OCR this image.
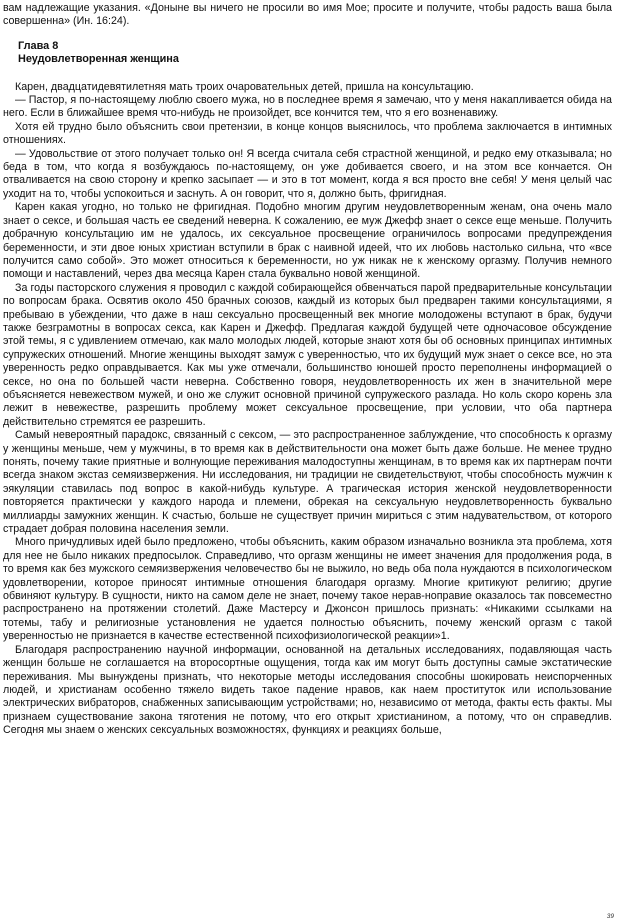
вам надлежащие указания. «Доныне вы ничего не просили во имя Мое; просите и получите, чтобы радость ваша была совершенна» (Ин. 16:24).

Глава 8
Неудовлетворенная женщина

Карен, двадцатидевятилетняя мать троих очаровательных детей, пришла на консультацию.

— Пастор, я по-настоящему люблю своего мужа, но в последнее время я замечаю, что у меня накапливается обида на него. Если в ближайшее время что-нибудь не произойдет, все кончится тем, что я его возненавижу.

Хотя ей трудно было объяснить свои претензии, в конце концов выяснилось, что проблема заключается в интимных отношениях.

— Удовольствие от этого получает только он! Я всегда считала себя страстной женщиной, и редко ему отказывала; но беда в том, что когда я возбуждаюсь по-настоящему, он уже добивается своего, и на этом все кончается. Он отваливается на свою сторону и крепко засыпает — и это в тот момент, когда я вся просто вне себя! У меня целый час уходит на то, чтобы успокоиться и заснуть. А он говорит, что я, должно быть, фригидная.

Карен какая угодно, но только не фригидная. Подобно многим другим неудовлетворенным женам, она очень мало знает о сексе, и большая часть ее сведений неверна. К сожалению, ее муж Джефф знает о сексе еще меньше. Получить добрачную консультацию им не удалось, их сексуальное просвещение ограничилось вопросами предупреждения беременности, и эти двое юных христиан вступили в брак с наивной идеей, что их любовь настолько сильна, что «все получится само собой». Это может относиться к беременности, но уж никак не к женскому оргазму. Получив немного помощи и наставлений, через два месяца Карен стала буквально новой женщиной.

За годы пасторского служения я проводил с каждой собирающейся обвенчаться парой предварительные консультации по вопросам брака. Освятив около 450 брачных союзов, каждый из которых был предварен такими консультациями, я пребываю в убеждении, что даже в наш сексуально просвещенный век многие молодожены вступают в брак, будучи также безграмотны в вопросах секса, как Карен и Джефф. Предлагая каждой будущей чете одночасовое обсуждение этой темы, я с удивлением отмечаю, как мало молодых людей, которые знают хотя бы об основных принципах интимных супружеских отношений. Многие женщины выходят замуж с уверенностью, что их будущий муж знает о сексе все, но эта уверенность редко оправдывается. Как мы уже отмечали, большинство юношей просто переполнены информацией о сексе, но она по большей части неверна. Собственно говоря, неудовлетворенность их жен в значительной мере объясняется невежеством мужей, и оно же служит основной причиной супружеского разлада. Но коль скоро корень зла лежит в невежестве, разрешить проблему может сексуальное просвещение, при условии, что оба партнера действительно стремятся ее разрешить.

Самый невероятный парадокс, связанный с сексом, — это распространенное заблуждение, что способность к оргазму у женщины меньше, чем у мужчины, в то время как в действительности она может быть даже больше. Не менее трудно понять, почему такие приятные и волнующие переживания малодоступны женщинам, в то время как их партнерам почти всегда знаком экстаз семяизвержения. Ни исследования, ни традиции не свидетельствуют, чтобы способность мужчин к эякуляции ставилась под вопрос в какой-нибудь культуре. А трагическая история женской неудовлетворенности повторяется практически у каждого народа и племени, обрекая на сексуальную неудовлетворенность буквально миллиарды замужних женщин. К счастью, больше не существует причин мириться с этим надувательством, от которого страдает добрая половина населения земли.

Много причудливых идей было предложено, чтобы объяснить, каким образом изначально возникла эта проблема, хотя для нее не было никаких предпосылок. Справедливо, что оргазм женщины не имеет значения для продолжения рода, в то время как без мужского семяизвержения человечество бы не выжило, но ведь оба пола нуждаются в психологическом удовлетворении, которое приносят интимные отношения благодаря оргазму. Многие критикуют религию; другие обвиняют культуру. В сущности, никто на самом деле не знает, почему такое нерав-ноправие оказалось так повсеместно распространено на протяжении столетий. Даже Мастерсу и Джонсон пришлось признать: «Никакими ссылками на тотемы, табу и религиозные установления не удается полностью объяснить, почему женский оргазм с такой уверенностью не признается в качестве естественной психофизиологической реакции»1.

Благодаря распространению научной информации, основанной на детальных исследованиях, подавляющая часть женщин больше не соглашается на второсортные ощущения, тогда как им могут быть доступны самые экстатические переживания. Мы вынуждены признать, что некоторые методы исследования способны шокировать неиспорченных людей, и христианам особенно тяжело видеть такое падение нравов, как наем проституток или использование электрических вибраторов, снабженных записывающим устройствами; но, независимо от метода, факты есть факты. Мы признаем существование закона тяготения не потому, что его открыт христианином, а потому, что он справедлив. Сегодня мы знаем о женских сексуальных возможностях, функциях и реакциях больше,

39
